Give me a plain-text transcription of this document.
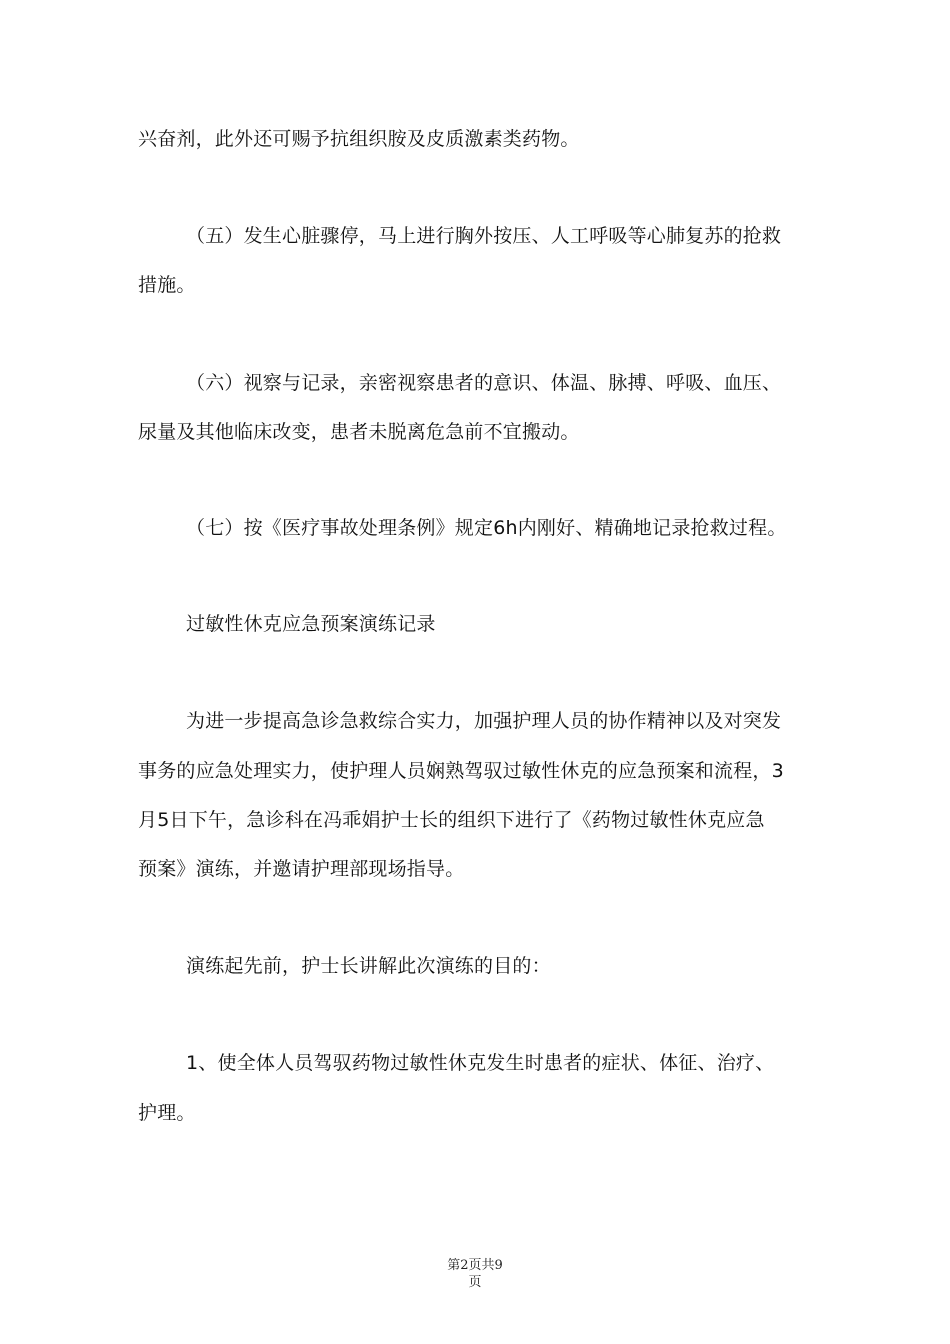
兴奋剂，此外还可赐予抗组织胺及皮质激素类药物。
（五）发生心脏骤停，马上进行胸外按压、人工呼吸等心肺复苏的抢救
措施。
（六）视察与记录，亲密视察患者的意识、体温、脉搏、呼吸、血压、
尿量及其他临床改变，患者未脱离危急前不宜搬动。
（七）按《医疗事故处理条例》规定6h内刚好、精确地记录抢救过程。
过敏性休克应急预案演练记录
为进一步提高急诊急救综合实力，加强护理人员的协作精神以及对突发
事务的应急处理实力，使护理人员娴熟驾驭过敏性休克的应急预案和流程，3
月5日下午，急诊科在冯乖娟护士长的组织下进行了《药物过敏性休克应急
预案》演练，并邀请护理部现场指导。
演练起先前，护士长讲解此次演练的目的：
1、使全体人员驾驭药物过敏性休克发生时患者的症状、体征、治疗、
护理。
第2页共9
页
